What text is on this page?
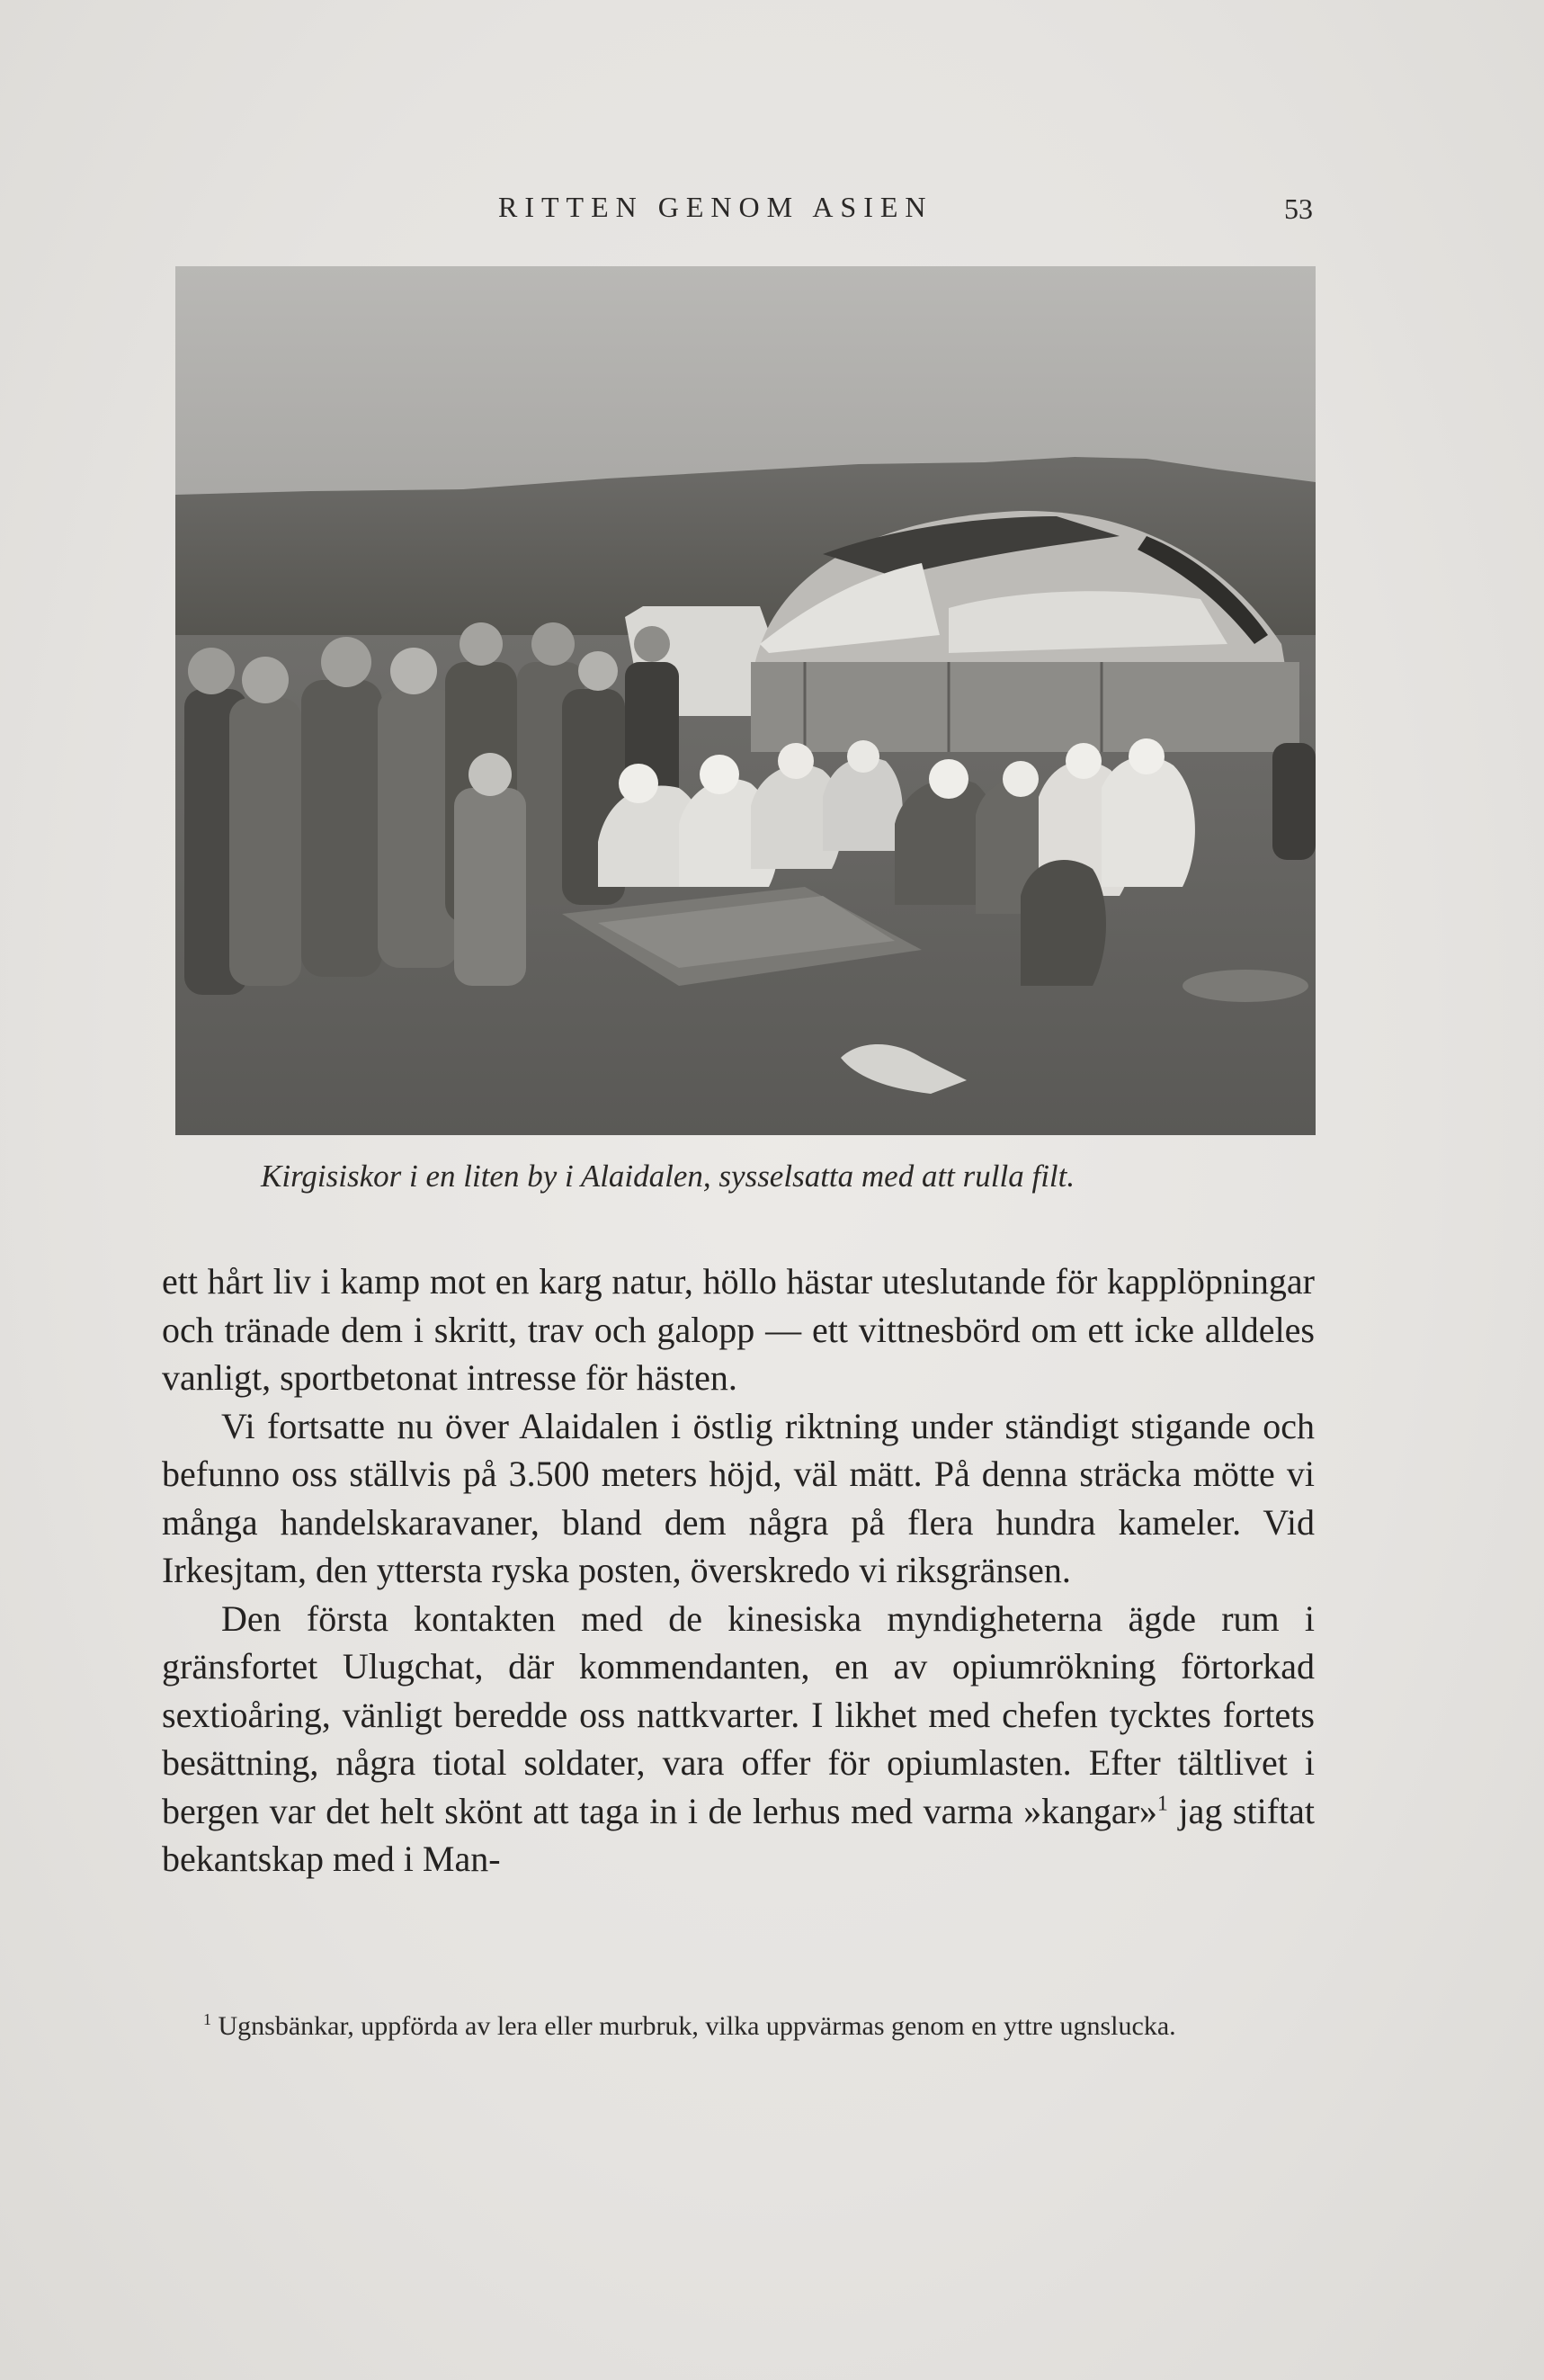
RITTEN GENOM ASIEN	53
Kirgisiskor i en liten by i Alaidalen, sysselsatta med att rulla filt.

ett hårt liv i kamp mot en karg natur, höllo hästar uteslutande för kapplöpningar och tränade dem i skritt, trav och galopp — ett vittnesbörd om ett icke alldeles vanligt, sportbetonat intresse för hästen.

Vi fortsatte nu över Alaidalen i östlig riktning under ständigt stigande och befunno oss ställvis på 3.500 meters höjd, väl mätt. På denna sträcka mötte vi många handelskaravaner, bland dem några på flera hundra kameler. Vid Irkesjtam, den yttersta ryska posten, överskredo vi riksgränsen.

Den första kontakten med de kinesiska myndigheterna ägde rum i gränsfortet Ulugchat, där kommendanten, en av opiumrökning förtorkad sextioåring, vänligt beredde oss nattkvarter. I likhet med chefen tycktes fortets besättning, några tiotal soldater, vara offer för opiumlasten. Efter tältlivet i bergen var det helt skönt att taga in i de lerhus med varma »kangar»$^1$ jag stiftat bekantskap med i Man-

$^1$ Ugnsbänkar, uppförda av lera eller murbruk, vilka uppvärmas genom en yttre ugnslucka.
